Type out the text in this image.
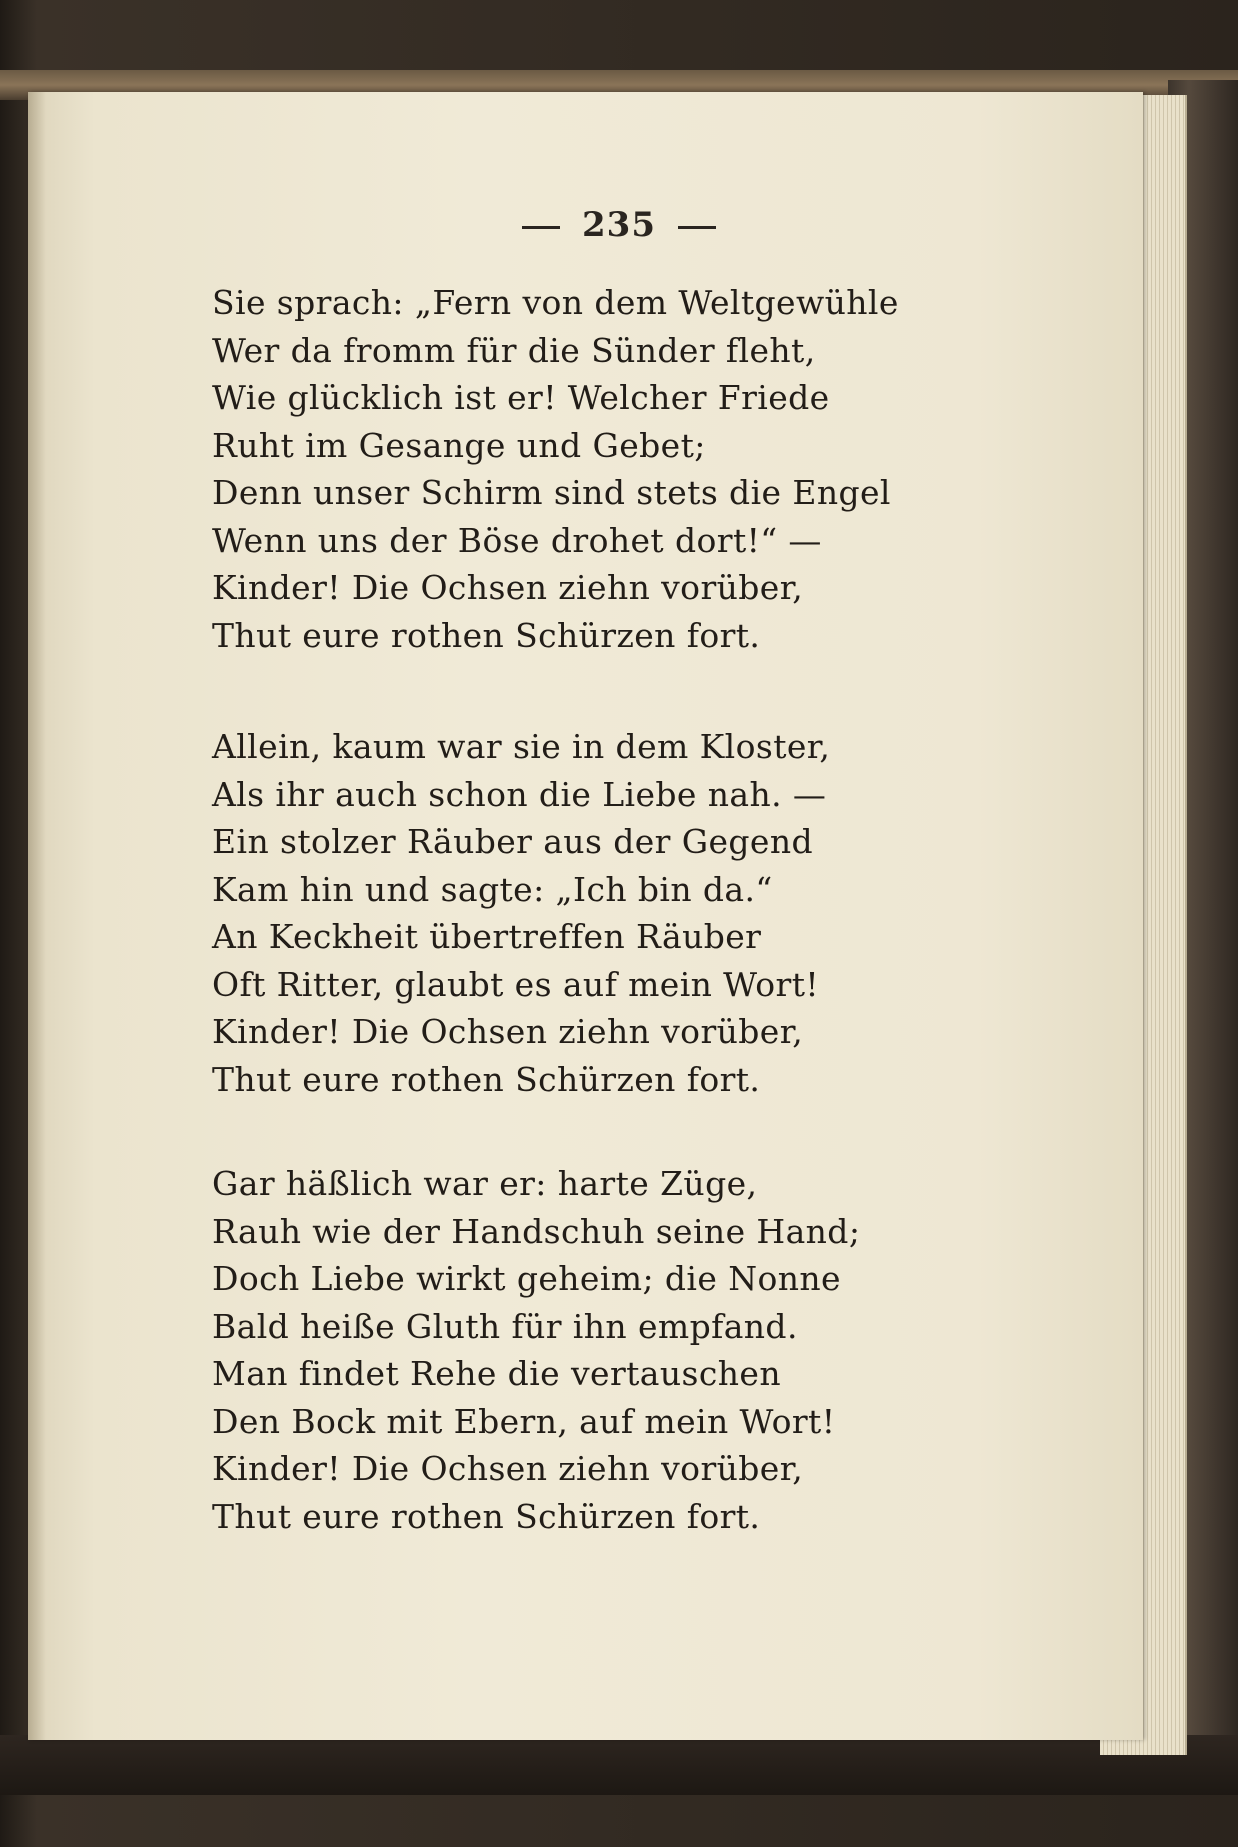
235
Sie sprach: „Fern von dem Weltgewühle
Wer da fromm für die Sünder fleht,
Wie glücklich ist er! Welcher Friede
Ruht im Gesange und Gebet;
Denn unser Schirm sind stets die Engel
Wenn uns der Böse drohet dort!“ —
Kinder! Die Ochsen ziehn vorüber,
Thut eure rothen Schürzen fort.
Allein, kaum war sie in dem Kloster,
Als ihr auch schon die Liebe nah. —
Ein stolzer Räuber aus der Gegend
Kam hin und sagte: „Ich bin da.“
An Keckheit übertreffen Räuber
Oft Ritter, glaubt es auf mein Wort!
Kinder! Die Ochsen ziehn vorüber,
Thut eure rothen Schürzen fort.
Gar häßlich war er: harte Züge,
Rauh wie der Handschuh seine Hand;
Doch Liebe wirkt geheim; die Nonne
Bald heiße Gluth für ihn empfand.
Man findet Rehe die vertauschen
Den Bock mit Ebern, auf mein Wort!
Kinder! Die Ochsen ziehn vorüber,
Thut eure rothen Schürzen fort.
